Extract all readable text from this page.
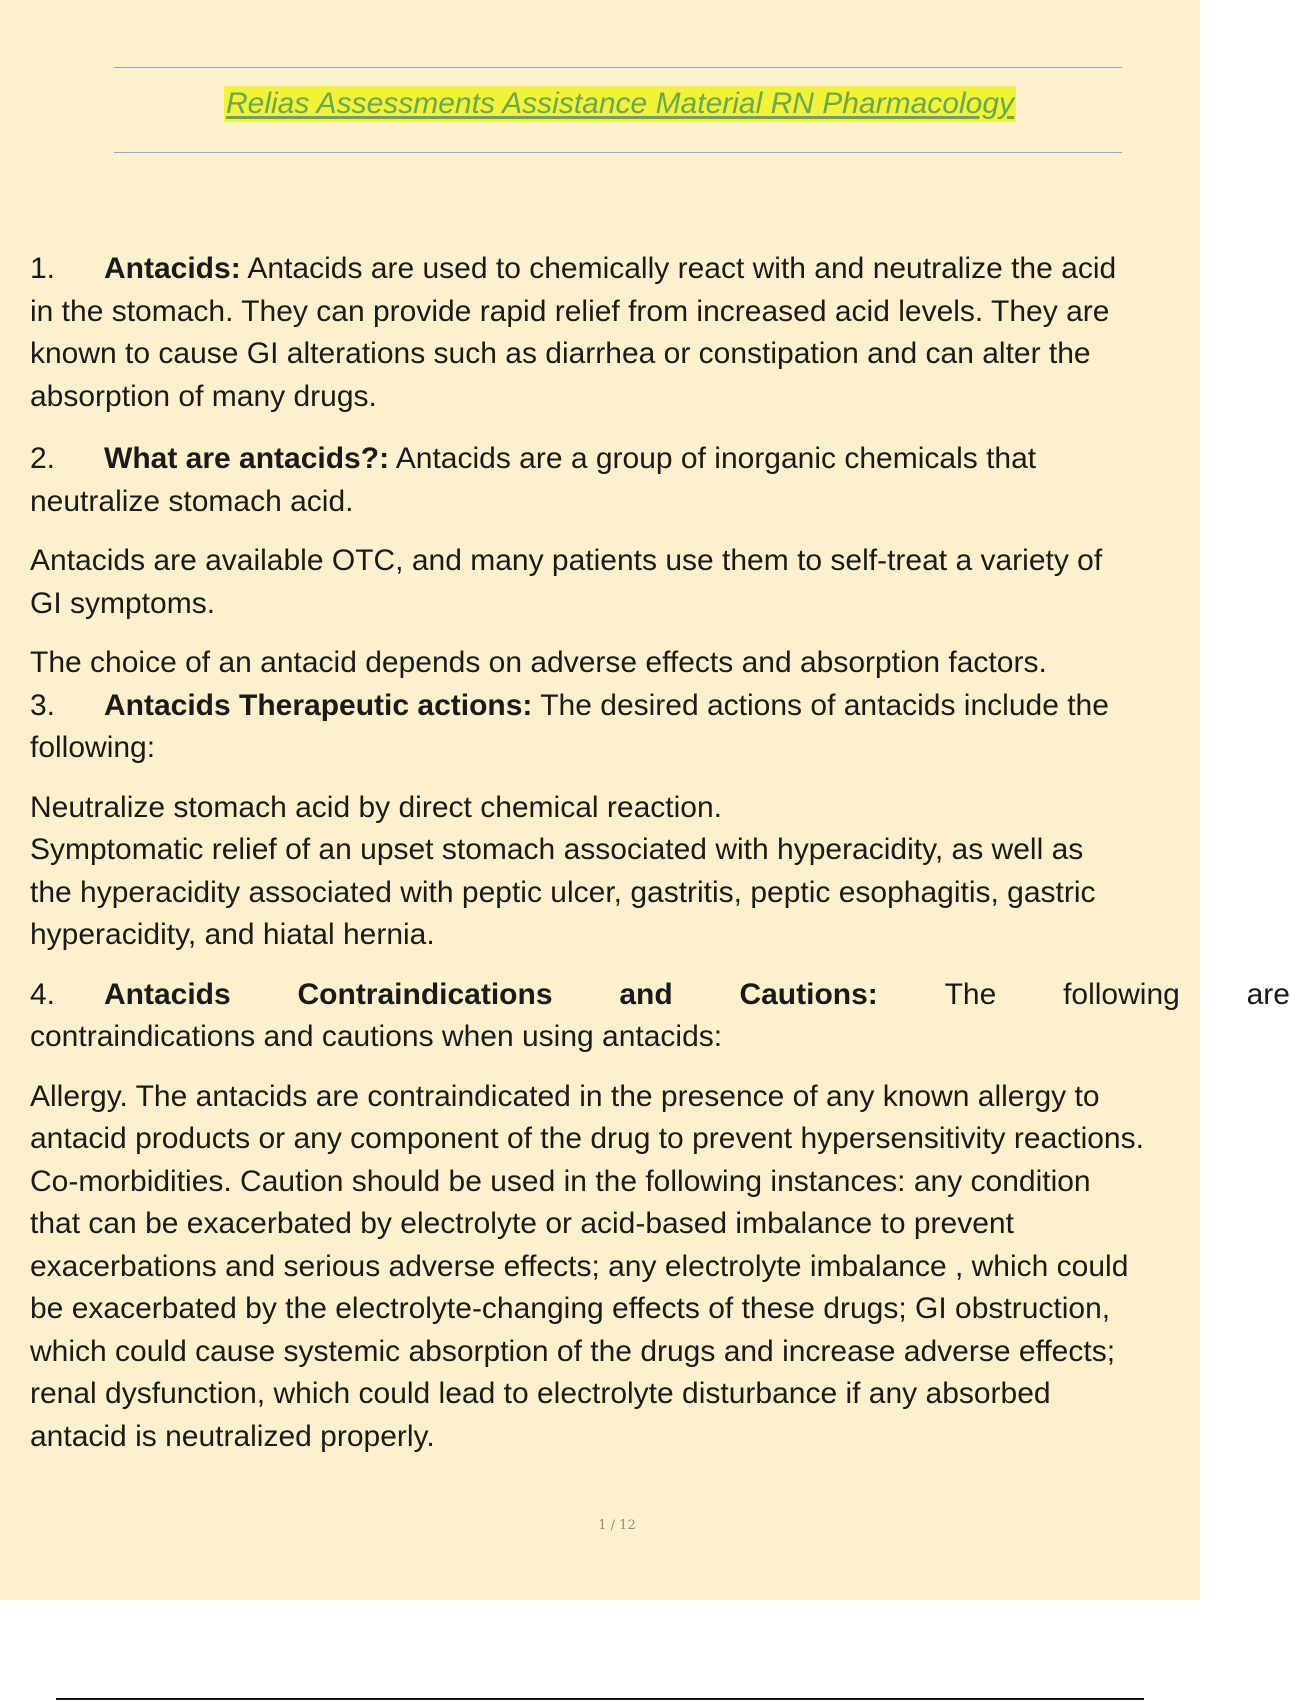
Relias Assessments Assistance Material RN Pharmacology
1. Antacids: Antacids are used to chemically react with and neutralize the acid
in the stomach. They can provide rapid relief from increased acid levels. They are
known to cause GI alterations such as diarrhea or constipation and can alter the
absorption of many drugs.
2. What are antacids?: Antacids are a group of inorganic chemicals that
neutralize stomach acid.
Antacids are available OTC, and many patients use them to self-treat a variety of
GI symptoms.
The choice of an antacid depends on adverse effects and absorption factors.
3. Antacids Therapeutic actions: The desired actions of antacids include the
following:
Neutralize stomach acid by direct chemical reaction.
Symptomatic relief of an upset stomach associated with hyperacidity, as well as
the hyperacidity associated with peptic ulcer, gastritis, peptic esophagitis, gastric
hyperacidity, and hiatal hernia.
4. Antacids Contraindications and Cautions: The following are
contraindications and cautions when using antacids:
Allergy. The antacids are contraindicated in the presence of any known allergy to
antacid products or any component of the drug to prevent hypersensitivity reactions.
Co-morbidities. Caution should be used in the following instances: any condition
that can be exacerbated by electrolyte or acid-based imbalance to prevent
exacerbations and serious adverse effects; any electrolyte imbalance , which could
be exacerbated by the electrolyte-changing effects of these drugs; GI obstruction,
which could cause systemic absorption of the drugs and increase adverse effects;
renal dysfunction, which could lead to electrolyte disturbance if any absorbed
antacid is neutralized properly.
1 / 12
